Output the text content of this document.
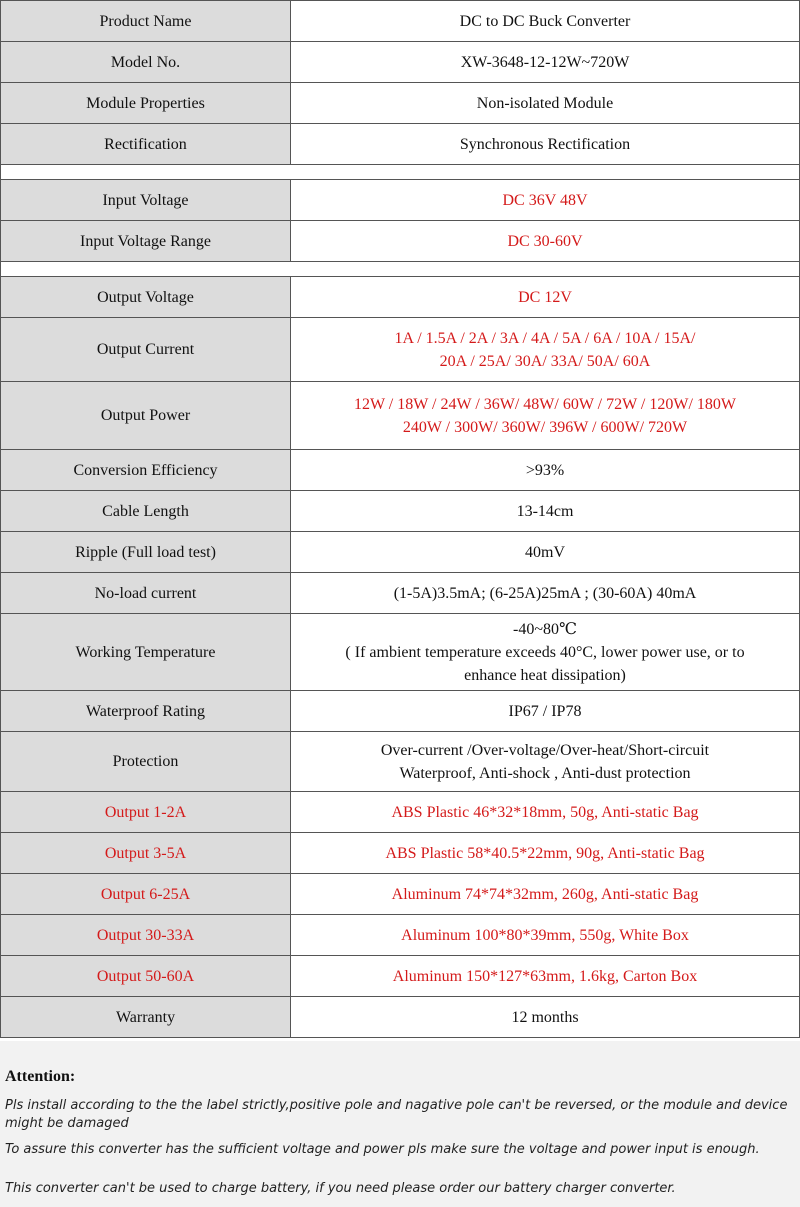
Product Name	DC to DC Buck Converter

Model No.	XW-3648-12-12W~720W

Module Properties	Non-isolated Module

Rectification	Synchronous Rectification

Input Voltage	DC 36V 48V

Input Voltage Range	DC 30-60V

Output Voltage	DC 12V

Output Current	1A / 1.5A / 2A / 3A / 4A / 5A / 6A / 10A / 15A/
20A / 25A/ 30A/ 33A/ 50A/ 60A

Output Power	12W / 18W / 24W / 36W/ 48W/ 60W / 72W / 120W/ 180W
240W / 300W/ 360W/ 396W / 600W/ 720W

Conversion Efficiency	>93%

Cable Length	13-14cm

Ripple (Full load test)	40mV

No-load current	(1-5A)3.5mA; (6-25A)25mA ; (30-60A) 40mA

Working Temperature	-40~80℃
( If ambient temperature exceeds 40°C, lower power use, or to
enhance heat dissipation)

Waterproof Rating	IP67 / IP78

Protection	Over-current /Over-voltage/Over-heat/Short-circuit
Waterproof, Anti-shock , Anti-dust protection

Output 1-2A	ABS Plastic 46*32*18mm, 50g, Anti-static Bag

Output 3-5A	ABS Plastic 58*40.5*22mm, 90g, Anti-static Bag

Output 6-25A	Aluminum 74*74*32mm, 260g, Anti-static Bag

Output 30-33A	Aluminum 100*80*39mm, 550g, White Box

Output 50-60A	Aluminum 150*127*63mm, 1.6kg, Carton Box

Warranty	12 months
Attention:
Pls install according to the the label strictly,positive pole and nagative pole can't be reversed, or the module and device might be damaged
To assure this converter has the sufficient voltage and power pls make sure the voltage and power input is enough.
This converter can't be used to charge battery, if you need please order our battery charger converter.
